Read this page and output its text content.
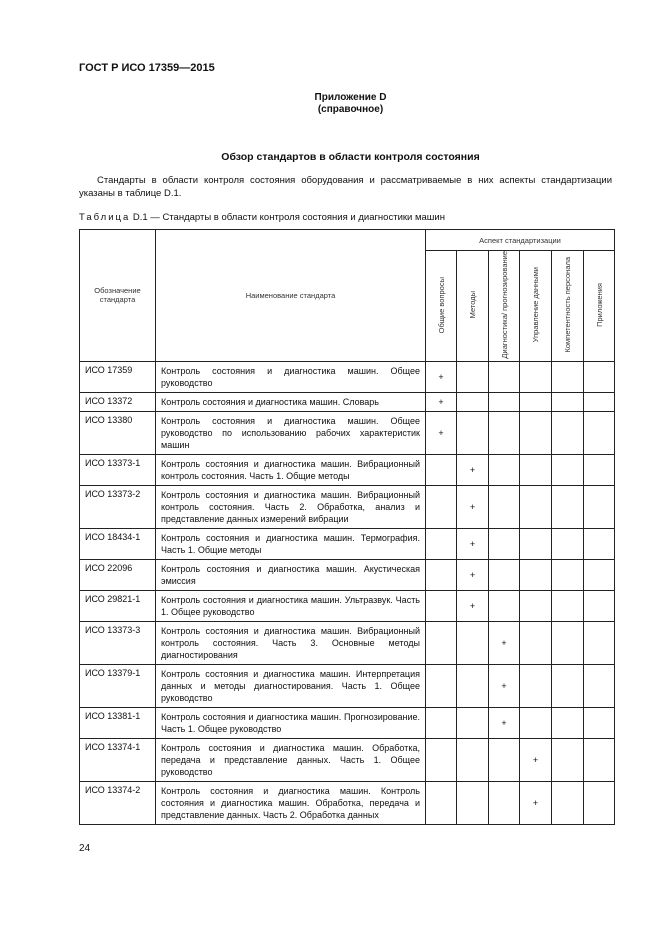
ГОСТ Р ИСО 17359—2015
Приложение D
(справочное)
Обзор стандартов в области контроля состояния
Стандарты в области контроля состояния оборудования и рассматриваемые в них аспекты стандартизации указаны в таблице D.1.
Таблица D.1 — Стандарты в области контроля состояния и диагностики машин
Обозначение стандарта	Наименование стандарта	Аспект стандартизации					
		Общие вопросы	Методы	Диагностика/ прогнозирование	Управление данными	Компетентность персонала	Приложения
ИСО 17359	Контроль состояния и диагностика машин. Общее руководство	+					
ИСО 13372	Контроль состояния и диагностика машин. Словарь	+					
ИСО 13380	Контроль состояния и диагностика машин. Общее руководство по использованию рабочих характеристик машин	+					
ИСО 13373-1	Контроль состояния и диагностика машин. Вибрационный контроль состояния. Часть 1. Общие методы		+				
ИСО 13373-2	Контроль состояния и диагностика машин. Вибрационный контроль состояния. Часть 2. Обработка, анализ и представление данных измерений вибрации		+				
ИСО 18434-1	Контроль состояния и диагностика машин. Термография. Часть 1. Общие методы		+				
ИСО 22096	Контроль состояния и диагностика машин. Акустическая эмиссия		+				
ИСО 29821-1	Контроль состояния и диагностика машин. Ультразвук. Часть 1. Общее руководство		+				
ИСО 13373-3	Контроль состояния и диагностика машин. Вибрационный контроль состояния. Часть 3. Основные методы диагностирования			+			
ИСО 13379-1	Контроль состояния и диагностика машин. Интерпретация данных и методы диагностирования. Часть 1. Общее руководство			+			
ИСО 13381-1	Контроль состояния и диагностика машин. Прогнозирование. Часть 1. Общее руководство			+			
ИСО 13374-1	Контроль состояния и диагностика машин. Обработка, передача и представление данных. Часть 1. Общее руководство				+		
ИСО 13374-2	Контроль состояния и диагностика машин. Контроль состояния и диагностика машин. Обработка, передача и представление данных. Часть 2. Обработка данных				+		
24
